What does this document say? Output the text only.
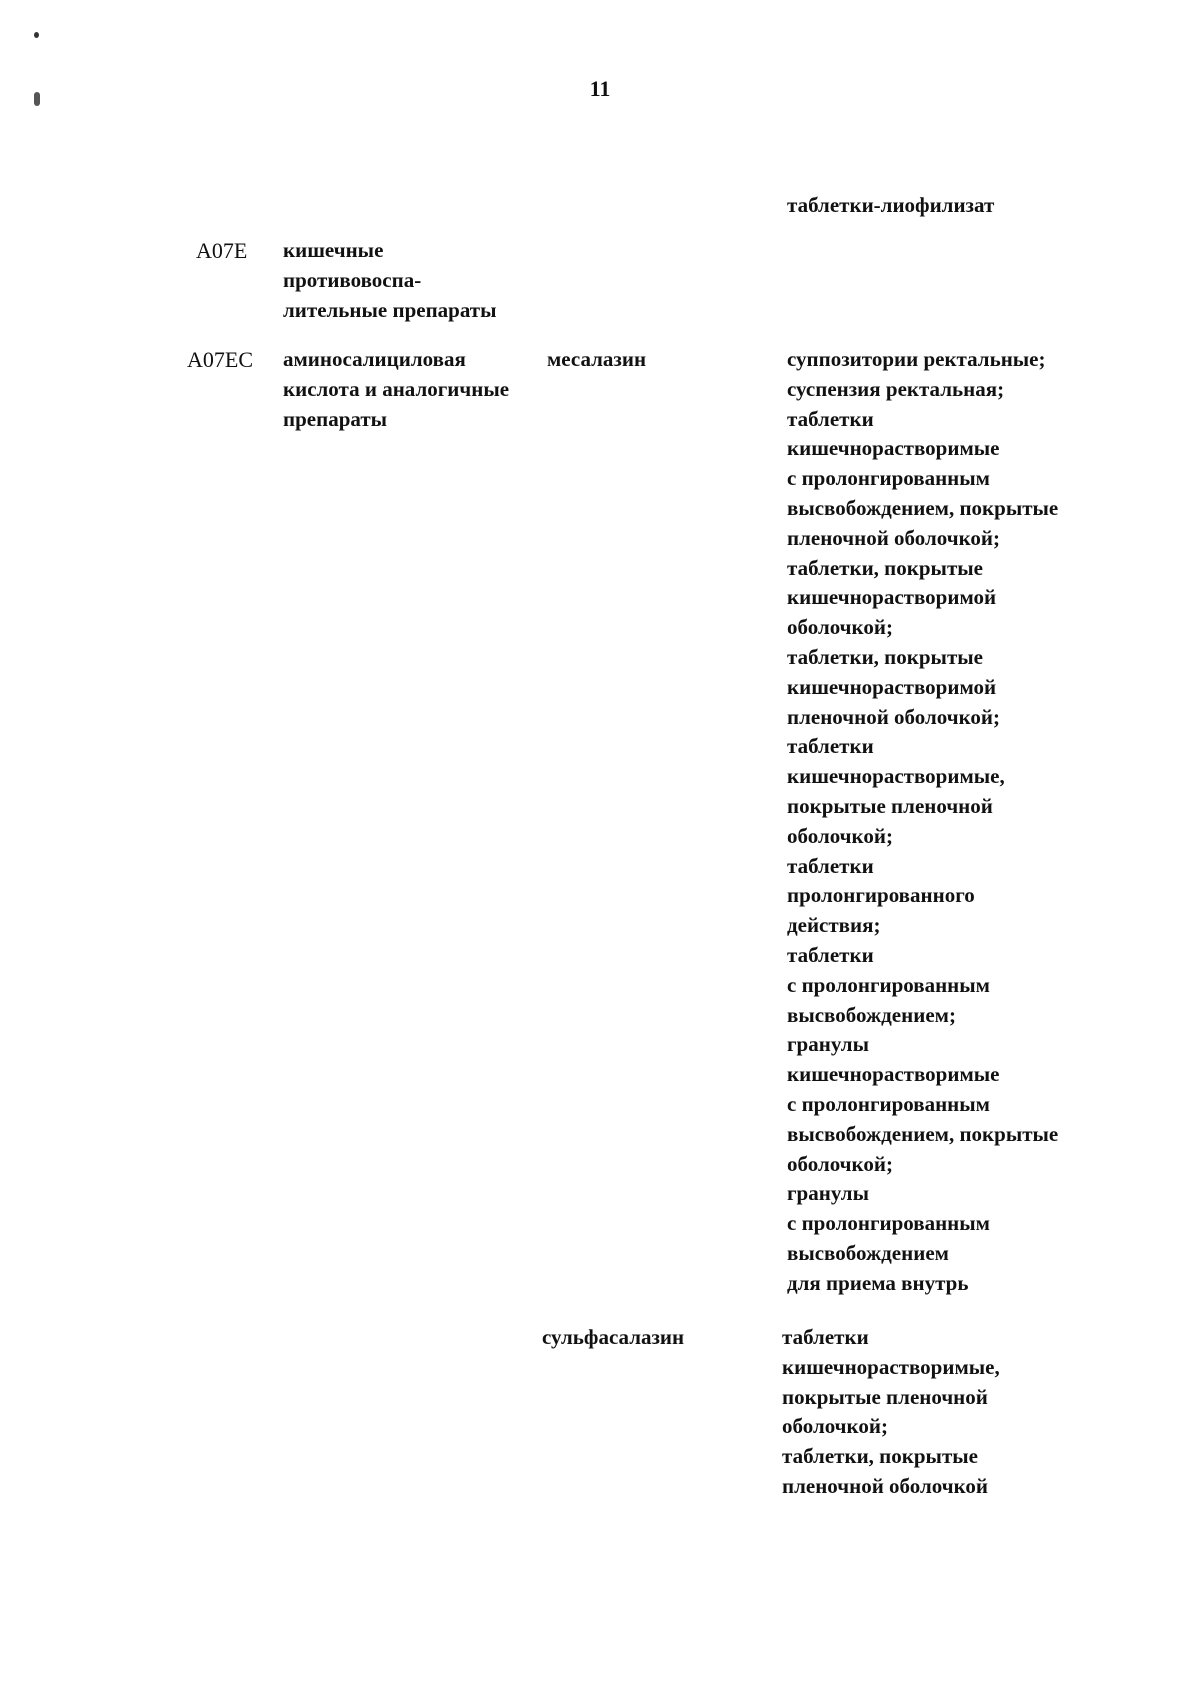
11
таблетки-лиофилизат
A07E кишечные
противовоспа-
лительные препараты
A07EC аминосалициловая
кислота и аналогичные
препараты
месалазин	суппозитории ректальные;
суспензия ректальная;
таблетки
кишечнорастворимые
с пролонгированным
высвобождением, покрытые
пленочной оболочкой;
таблетки, покрытые
кишечнорастворимой
оболочкой;
таблетки, покрытые
кишечнорастворимой
пленочной оболочкой;
таблетки
кишечнорастворимые,
покрытые пленочной
оболочкой;
таблетки
пролонгированного
действия;
таблетки
с пролонгированным
высвобождением;
гранулы
кишечнорастворимые
с пролонгированным
высвобождением, покрытые
оболочкой;
гранулы
с пролонгированным
высвобождением
для приема внутрь
сульфасалазин	таблетки
кишечнорастворимые,
покрытые пленочной
оболочкой;
таблетки, покрытые
пленочной оболочкой
